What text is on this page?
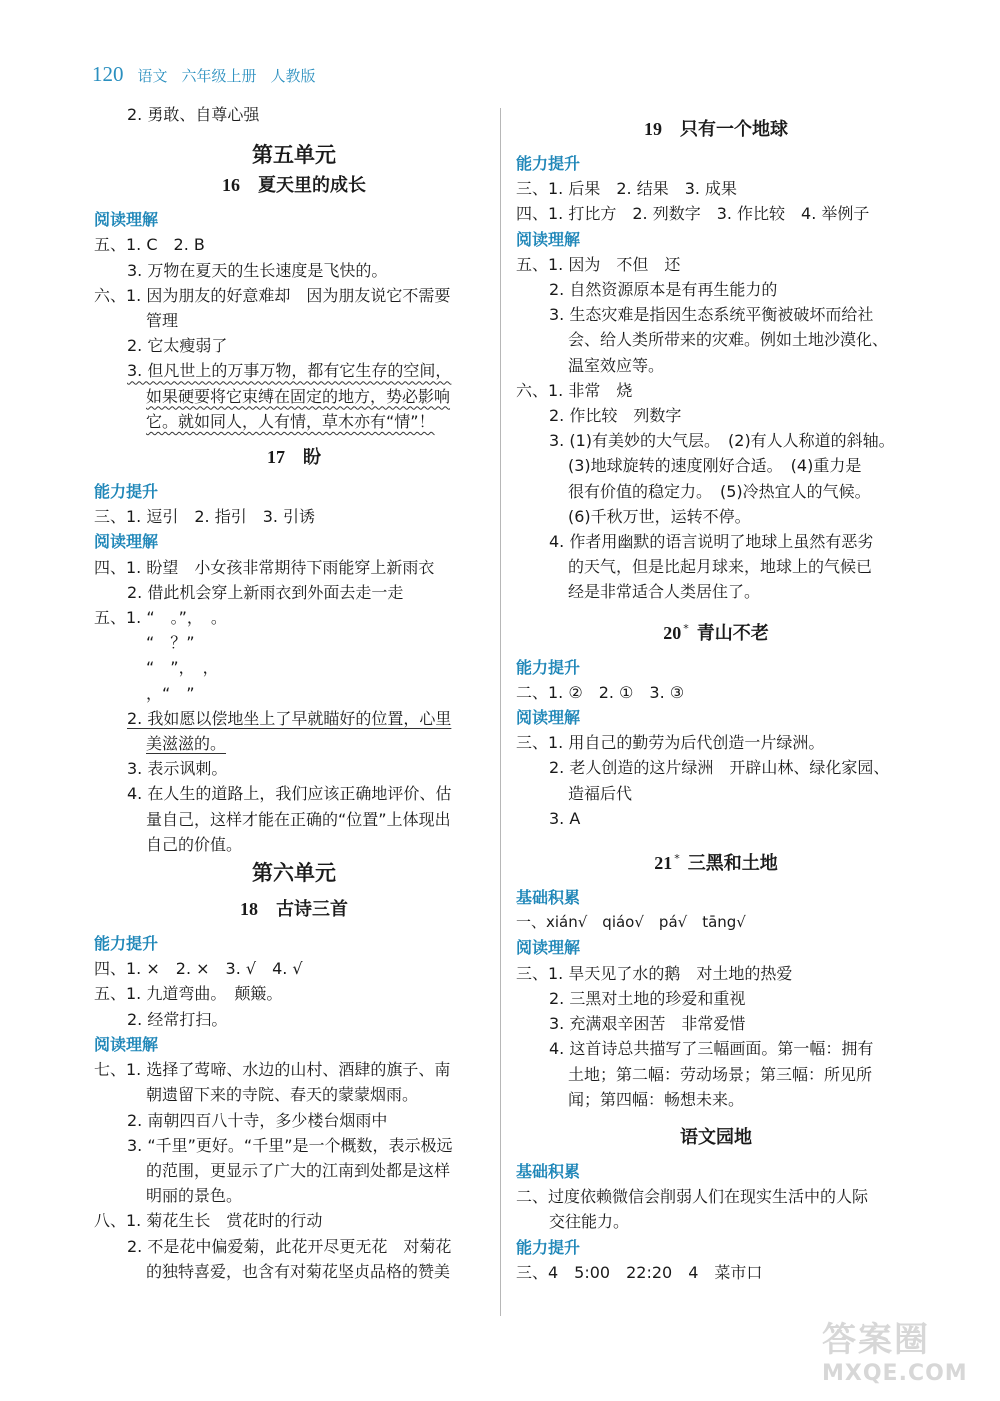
120 语文 六年级上册 人教版
2. 勇敢、自尊心强
第五单元
16 夏天里的成长
阅读理解
五、1. C　2. B
3. 万物在夏天的生长速度是飞快的。
六、1. 因为朋友的好意难却　因为朋友说它不需要
管理
2. 它太瘦弱了
3. 但凡世上的万事万物，都有它生存的空间，
如果硬要将它束缚在固定的地方，势必影响
它。就如同人，人有情，草木亦有“情”！
17 盼
能力提升
三、1. 逗引　2. 指引　3. 引诱
阅读理解
四、1. 盼望　小女孩非常期待下雨能穿上新雨衣
2. 借此机会穿上新雨衣到外面去走一走
五、1. “　。”，　。
“　？”
“　”，　，
，“　”
2. 我如愿以偿地坐上了早就瞄好的位置，心里
美滋滋的。
3. 表示讽刺。
4. 在人生的道路上，我们应该正确地评价、估
量自己，这样才能在正确的“位置”上体现出
自己的价值。
第六单元
18 古诗三首
能力提升
四、1. ×　2. ×　3. √　4. √
五、1. 九道弯曲。　颠簸。
2. 经常打扫。
阅读理解
七、1. 选择了莺啼、水边的山村、酒肆的旗子、南
朝遗留下来的寺院、春天的蒙蒙烟雨。
2. 南朝四百八十寺，多少楼台烟雨中
3. “千里”更好。“千里”是一个概数，表示极远
的范围，更显示了广大的江南到处都是这样
明丽的景色。
八、1. 菊花生长　赏花时的行动
2. 不是花中偏爱菊，此花开尽更无花　对菊花
的独特喜爱，也含有对菊花坚贞品格的赞美
19 只有一个地球
能力提升
三、1. 后果　2. 结果　3. 成果
四、1. 打比方　2. 列数字　3. 作比较　4. 举例子
阅读理解
五、1. 因为　不但　还
2. 自然资源原本是有再生能力的
3. 生态灾难是指因生态系统平衡被破坏而给社
会、给人类所带来的灾难。例如土地沙漠化、
温室效应等。
六、1. 非常　烧
2. 作比较　列数字
3. (1)有美妙的大气层。　(2)有人人称道的斜轴。
(3)地球旋转的速度刚好合适。　(4)重力是
很有价值的稳定力。　(5)冷热宜人的气候。
(6)千秋万世，运转不停。
4. 作者用幽默的语言说明了地球上虽然有恶劣
的天气，但是比起月球来，地球上的气候已
经是非常适合人类居住了。
20 * 青山不老
能力提升
二、1. ②　2. ①　3. ③
阅读理解
三、1. 用自己的勤劳为后代创造一片绿洲。
2. 老人创造的这片绿洲　开辟山林、绿化家园、
造福后代
3. A
21 * 三黑和土地
基础积累
一、xián√　qiáo√　pá√　tāng√
阅读理解
三、1. 旱天见了水的鹅　对土地的热爱
2. 三黑对土地的珍爱和重视
3. 充满艰辛困苦　非常爱惜
4. 这首诗总共描写了三幅画面。第一幅：拥有
土地；第二幅：劳动场景；第三幅：所见所
闻；第四幅：畅想未来。
语文园地
基础积累
二、过度依赖微信会削弱人们在现实生活中的人际
交往能力。
能力提升
三、4　5:00　22:20　4　菜市口
答案圈
MXQE.COM
